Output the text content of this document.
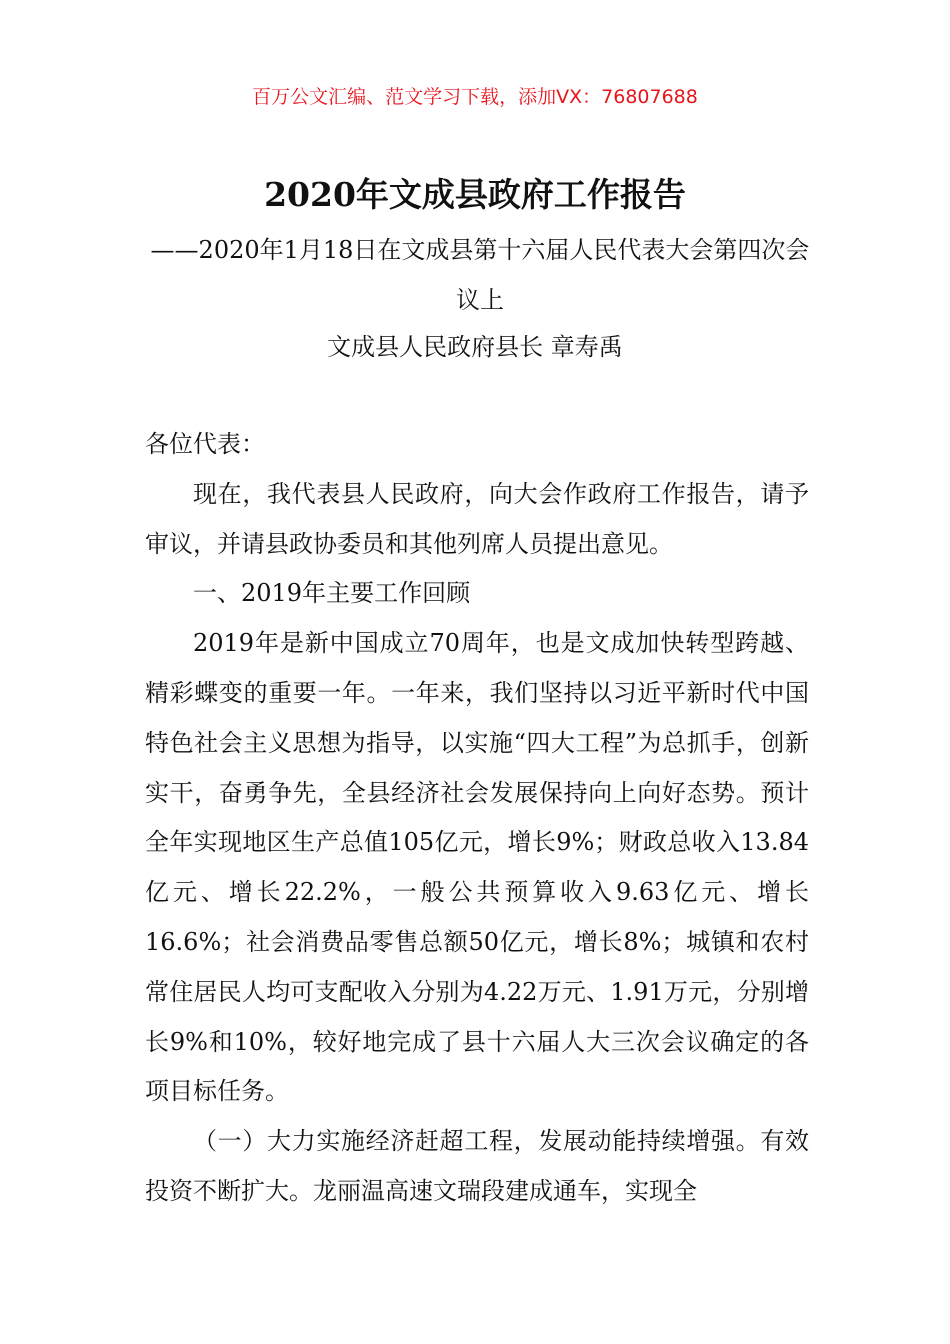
百万公文汇编、范文学习下载，添加VX：76807688
2020年文成县政府工作报告
——2020年1月18日在文成县第十六届人民代表大会第四次会议上
文成县人民政府县长 章寿禹

各位代表：

现在，我代表县人民政府，向大会作政府工作报告，请予审议，并请县政协委员和其他列席人员提出意见。

一、2019年主要工作回顾

2019年是新中国成立70周年，也是文成加快转型跨越、精彩蝶变的重要一年。一年来，我们坚持以习近平新时代中国特色社会主义思想为指导，以实施“四大工程”为总抓手，创新实干，奋勇争先，全县经济社会发展保持向上向好态势。预计全年实现地区生产总值105亿元，增长9%；财政总收入13.84亿元、增长22.2%，一般公共预算收入9.63亿元、增长16.6%；社会消费品零售总额50亿元，增长8%；城镇和农村常住居民人均可支配收入分别为4.22万元、1.91万元，分别增长9%和10%，较好地完成了县十六届人大三次会议确定的各项目标任务。

（一）大力实施经济赶超工程，发展动能持续增强。有效投资不断扩大。龙丽温高速文瑞段建成通车，实现全
